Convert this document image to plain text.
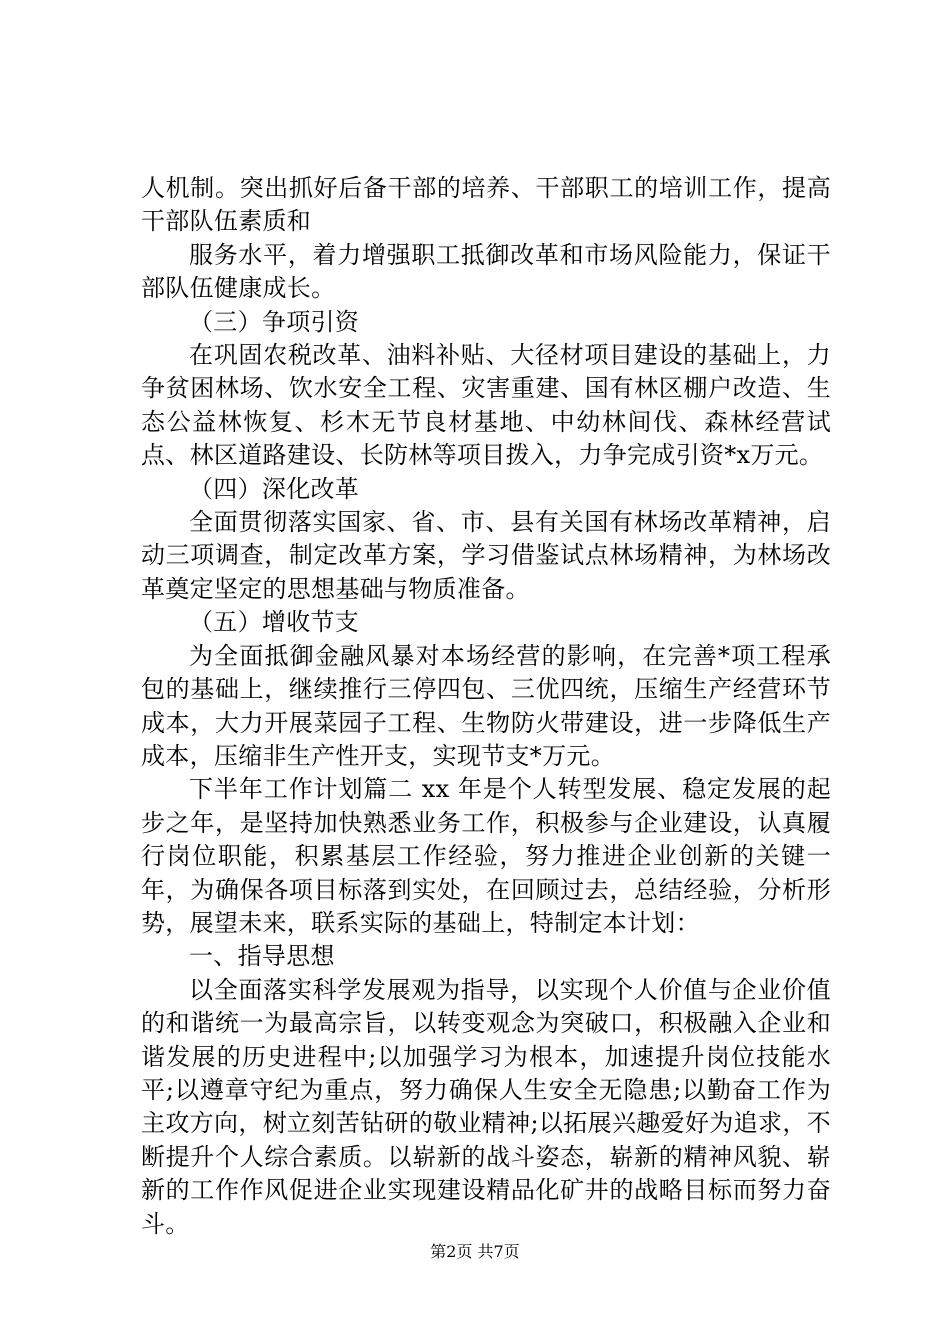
人机制。突出抓好后备干部的培养、干部职工的培训工作，提高干部队伍素质和

服务水平，着力增强职工抵御改革和市场风险能力，保证干部队伍健康成长。

（三）争项引资

在巩固农税改革、油料补贴、大径材项目建设的基础上，力争贫困林场、饮水安全工程、灾害重建、国有林区棚户改造、生态公益林恢复、杉木无节良材基地、中幼林间伐、森林经营试点、林区道路建设、长防林等项目拨入，力争完成引资*x万元。

（四）深化改革

全面贯彻落实国家、省、市、县有关国有林场改革精神，启动三项调查，制定改革方案，学习借鉴试点林场精神，为林场改革奠定坚定的思想基础与物质准备。

（五）增收节支

为全面抵御金融风暴对本场经营的影响，在完善*项工程承包的基础上，继续推行三停四包、三优四统，压缩生产经营环节成本，大力开展菜园子工程、生物防火带建设，进一步降低生产成本，压缩非生产性开支，实现节支*万元。

下半年工作计划篇二 xx 年是个人转型发展、稳定发展的起步之年，是坚持加快熟悉业务工作，积极参与企业建设，认真履行岗位职能，积累基层工作经验，努力推进企业创新的关键一年，为确保各项目标落到实处，在回顾过去，总结经验，分析形势，展望未来，联系实际的基础上，特制定本计划：

一、指导思想

以全面落实科学发展观为指导，以实现个人价值与企业价值的和谐统一为最高宗旨，以转变观念为突破口，积极融入企业和谐发展的历史进程中;以加强学习为根本，加速提升岗位技能水平;以遵章守纪为重点，努力确保人生安全无隐患;以勤奋工作为主攻方向，树立刻苦钻研的敬业精神;以拓展兴趣爱好为追求，不断提升个人综合素质。以崭新的战斗姿态，崭新的精神风貌、崭新的工作作风促进企业实现建设精品化矿井的战略目标而努力奋斗。

第2页 共7页
